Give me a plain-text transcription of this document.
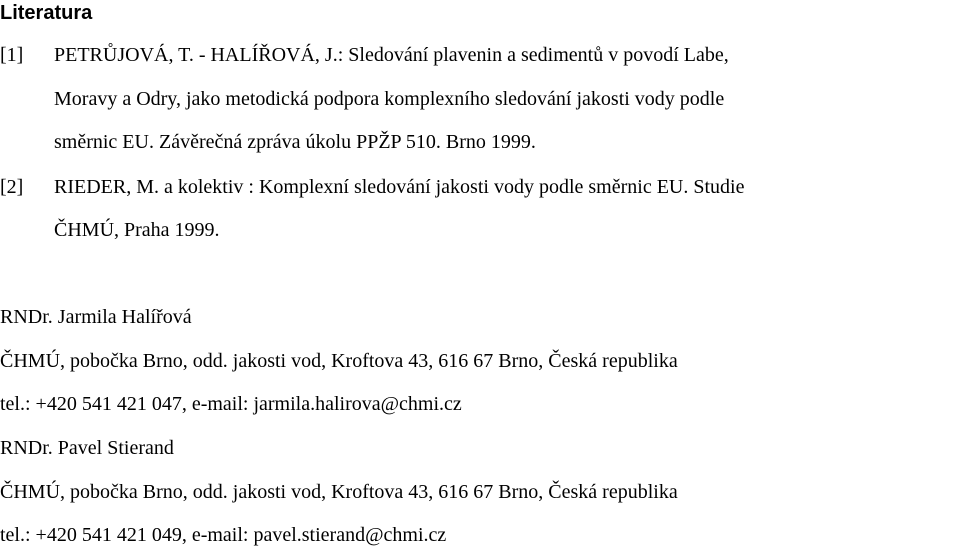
Literatura
[1] PETRŮJOVÁ, T. - HALÍŘOVÁ, J.: Sledování plavenin a sedimentů v povodí Labe,
Moravy a Odry, jako metodická podpora komplexního sledování jakosti vody podle
směrnic EU. Závěrečná zpráva úkolu PPŽP 510. Brno 1999.
[2] RIEDER, M. a kolektiv : Komplexní sledování jakosti vody podle směrnic EU. Studie
ČHMÚ, Praha 1999.
RNDr. Jarmila Halířová
ČHMÚ, pobočka Brno, odd. jakosti vod, Kroftova 43, 616 67 Brno, Česká republika
tel.: +420 541 421 047, e-mail: jarmila.halirova@chmi.cz
RNDr. Pavel Stierand
ČHMÚ, pobočka Brno, odd. jakosti vod, Kroftova 43, 616 67 Brno, Česká republika
tel.: +420 541 421 049, e-mail: pavel.stierand@chmi.cz
